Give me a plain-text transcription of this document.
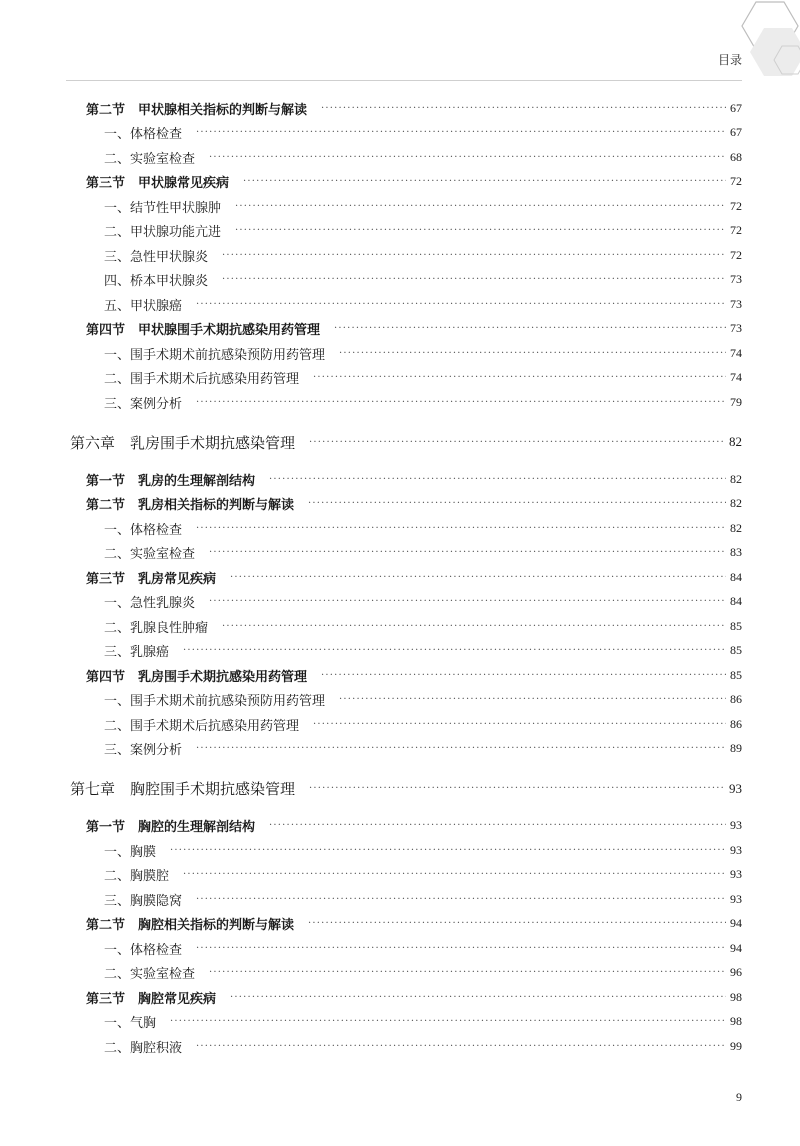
目录
第二节　甲状腺相关指标的判断与解读 ·····	67
一、体格检查 ·····	67
二、实验室检查 ·····	68
第三节　甲状腺常见疾病 ·····	72
一、结节性甲状腺肿 ·····	72
二、甲状腺功能亢进 ·····	72
三、急性甲状腺炎 ·····	72
四、桥本甲状腺炎 ·····	73
五、甲状腺癌 ·····	73
第四节　甲状腺围手术期抗感染用药管理 ·····	73
一、围手术期术前抗感染预防用药管理 ·····	74
二、围手术期术后抗感染用药管理 ·····	74
三、案例分析 ·····	79
第六章　乳房围手术期抗感染管理 ·····	82
第一节　乳房的生理解剖结构 ·····	82
第二节　乳房相关指标的判断与解读 ·····	82
一、体格检查 ·····	82
二、实验室检查 ·····	83
第三节　乳房常见疾病 ·····	84
一、急性乳腺炎 ·····	84
二、乳腺良性肿瘤 ·····	85
三、乳腺癌 ·····	85
第四节　乳房围手术期抗感染用药管理 ·····	85
一、围手术期术前抗感染预防用药管理 ·····	86
二、围手术期术后抗感染用药管理 ·····	86
三、案例分析 ·····	89
第七章　胸腔围手术期抗感染管理 ·····	93
第一节　胸腔的生理解剖结构 ·····	93
一、胸膜 ·····	93
二、胸膜腔 ·····	93
三、胸膜隐窝 ·····	93
第二节　胸腔相关指标的判断与解读 ·····	94
一、体格检查 ·····	94
二、实验室检查 ·····	96
第三节　胸腔常见疾病 ·····	98
一、气胸 ·····	98
二、胸腔积液 ·····	99
9
